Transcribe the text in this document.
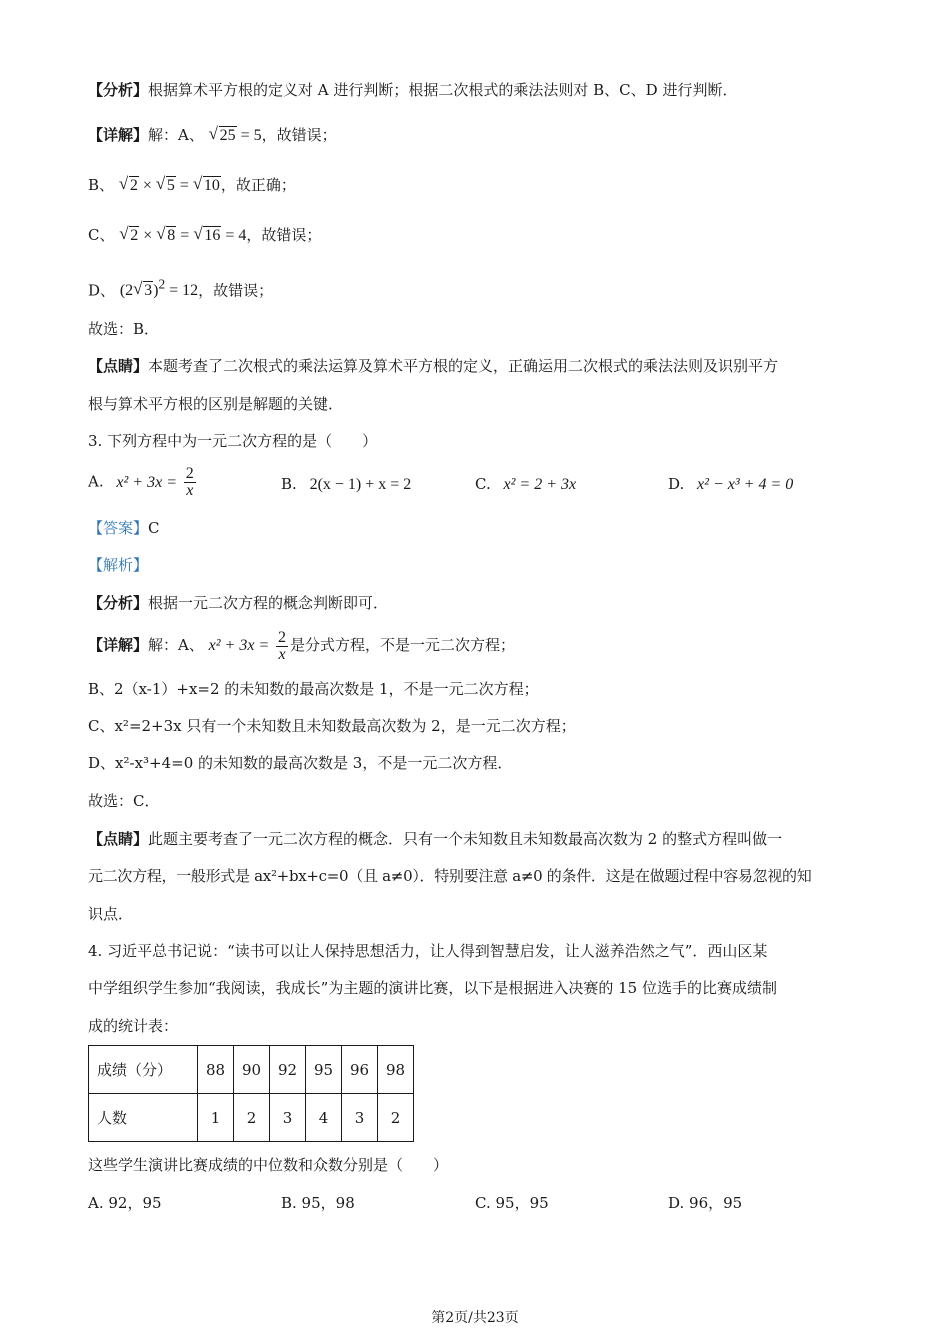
【分析】根据算术平方根的定义对 A 进行判断；根据二次根式的乘法法则对 B、C、D 进行判断．
【详解】解：A、 √ 25 = 5，故错误；
B、 √ 2 × √ 5 = √ 10，故正确；
C、 √ 2 × √ 8 = √ 16 = 4，故错误；
D、 (2 √ 3)$^2$ = 12，故错误；
故选：B．
【点睛】本题考查了二次根式的乘法运算及算术平方根的定义，正确运用二次根式的乘法法则及识别平方
根与算术平方根的区别是解题的关键．
3. 下列方程中为一元二次方程的是（　　）
A. $x^2 + 3x = \frac{2}{x}$	B. 2(x − 1) + x = 2	C. x² = 2 + 3x	D. x² − x³ + 4 = 0
【答案】C
【解析】
【分析】根据一元二次方程的概念判断即可．
【详解】解：A、 $x^2 + 3x = \frac{2}{x}$ 是分式方程，不是一元二次方程；
B、2（x-1）+x=2 的未知数的最高次数是 1，不是一元二次方程；
C、x²=2+3x 只有一个未知数且未知数最高次数为 2，是一元二次方程；
D、x²-x³+4=0 的未知数的最高次数是 3，不是一元二次方程．
故选：C．
【点睛】此题主要考查了一元二次方程的概念．只有一个未知数且未知数最高次数为 2 的整式方程叫做一
元二次方程，一般形式是 ax²+bx+c=0（且 a≠0）．特别要注意 a≠0 的条件．这是在做题过程中容易忽视的知
识点．
4. 习近平总书记说：“读书可以让人保持思想活力，让人得到智慧启发，让人滋养浩然之气”．西山区某
中学组织学生参加“我阅读，我成长”为主题的演讲比赛，以下是根据进入决赛的 15 位选手的比赛成绩制
成的统计表：
成绩（分）	88	90	92	95	96	98
人数	1	2	3	4	3	2
这些学生演讲比赛成绩的中位数和众数分别是（　　）
A. 92，95	B. 95，98	C. 95，95	D. 96，95
第2页/共23页
